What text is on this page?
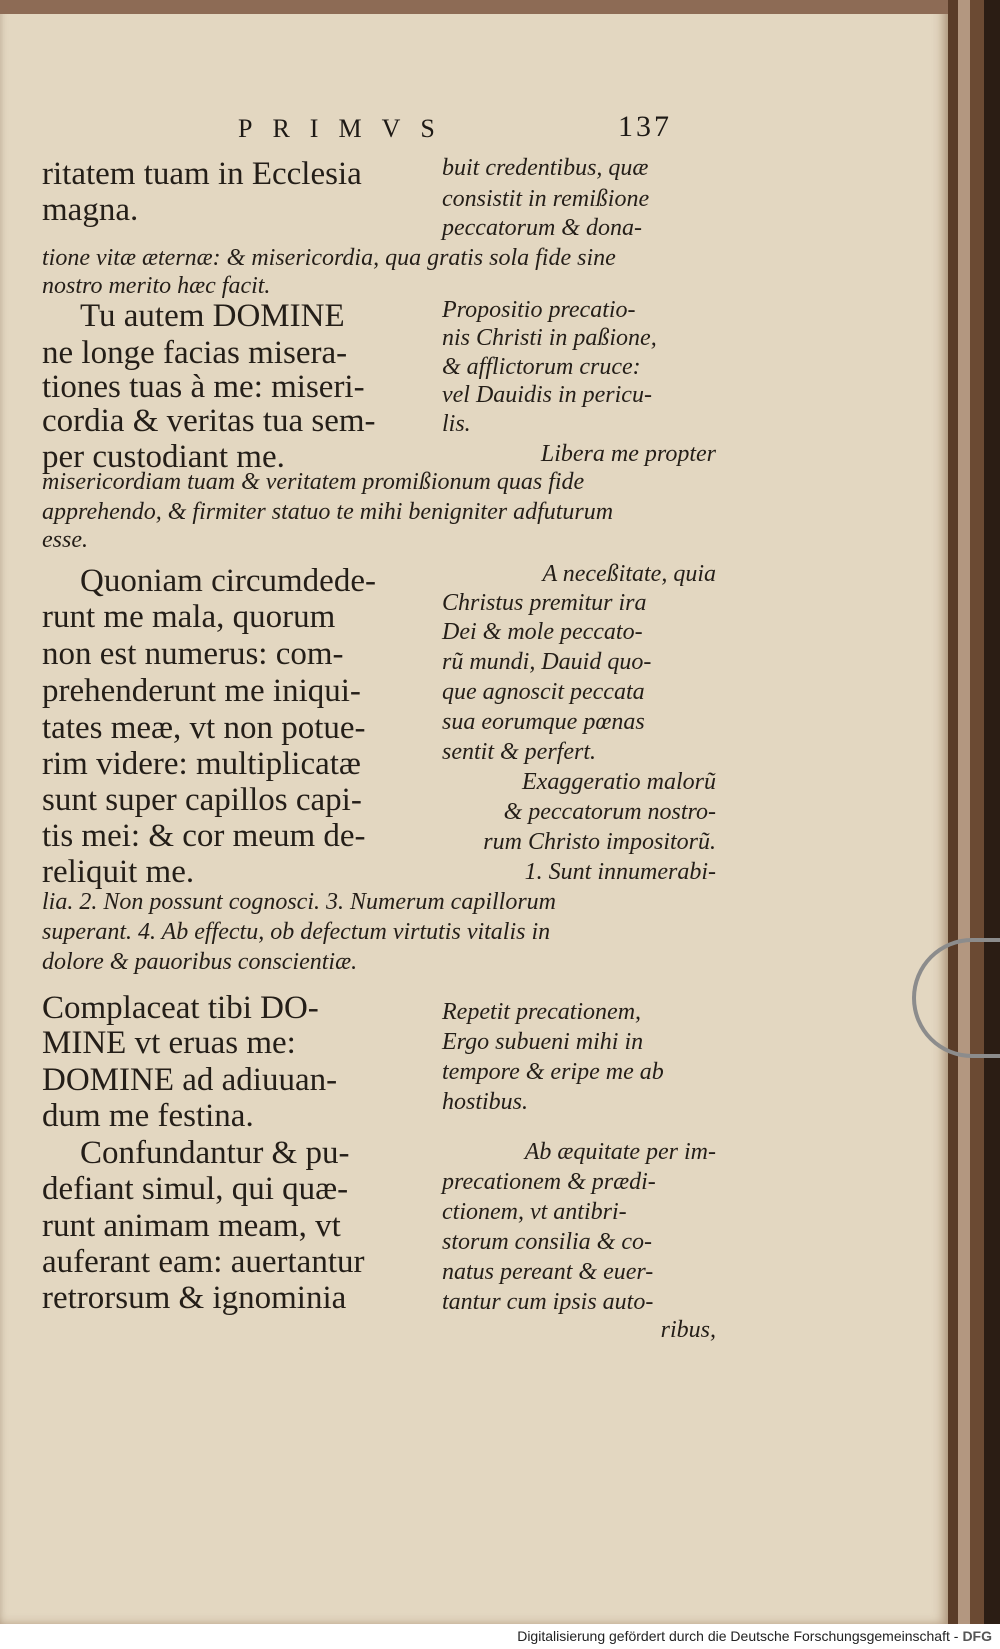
PRIMVS	137
ritatem tuam in Ecclesia
magna.
buit credentibus, quæ
consistit in remißione
peccatorum & dona-
tione vitæ æternæ: & misericordia, qua gratis sola fide sine
nostro merito hæc facit.
Tu autem DOMINE
ne longe facias misera-
tiones tuas à me: miseri-
cordia & veritas tua sem-
per custodiant me.
Propositio precatio-
nis Christi in paßione,
& afflictorum cruce:
vel Dauidis in pericu-
lis.
Libera me propter
misericordiam tuam & veritatem promißionum quas fide
apprehendo, & firmiter statuo te mihi benigniter adfuturum
esse.
Quoniam circumdede-
runt me mala, quorum
non est numerus: com-
prehenderunt me iniqui-
tates meæ, vt non potue-
rim videre: multiplicatæ
sunt super capillos capi-
tis mei: & cor meum de-
reliquit me.
A neceßitate, quia
Christus premitur ira
Dei & mole peccato-
rũ mundi, Dauid quo-
que agnoscit peccata
sua eorumque pœnas
sentit & perfert.
Exaggeratio malorũ
& peccatorum nostro-
rum Christo impositorũ.
1. Sunt innumerabi-
lia. 2. Non possunt cognosci. 3. Numerum capillorum
superant. 4. Ab effectu, ob defectum virtutis vitalis in
dolore & pauoribus conscientiæ.
Complaceat tibi DO-
MINE vt eruas me:
DOMINE ad adiuuan-
dum me festina.
Repetit precationem,
Ergo subueni mihi in
tempore & eripe me ab
hostibus.
Confundantur & pu-
defiant simul, qui quæ-
runt animam meam, vt
auferant eam: auertantur
retrorsum & ignominia
Ab æquitate per im-
precationem & prædi-
ctionem, vt antibri-
storum consilia & co-
natus pereant & euer-
tantur cum ipsis auto-
ribus,
Digitalisierung gefördert durch die Deutsche Forschungsgemeinschaft - DFG
